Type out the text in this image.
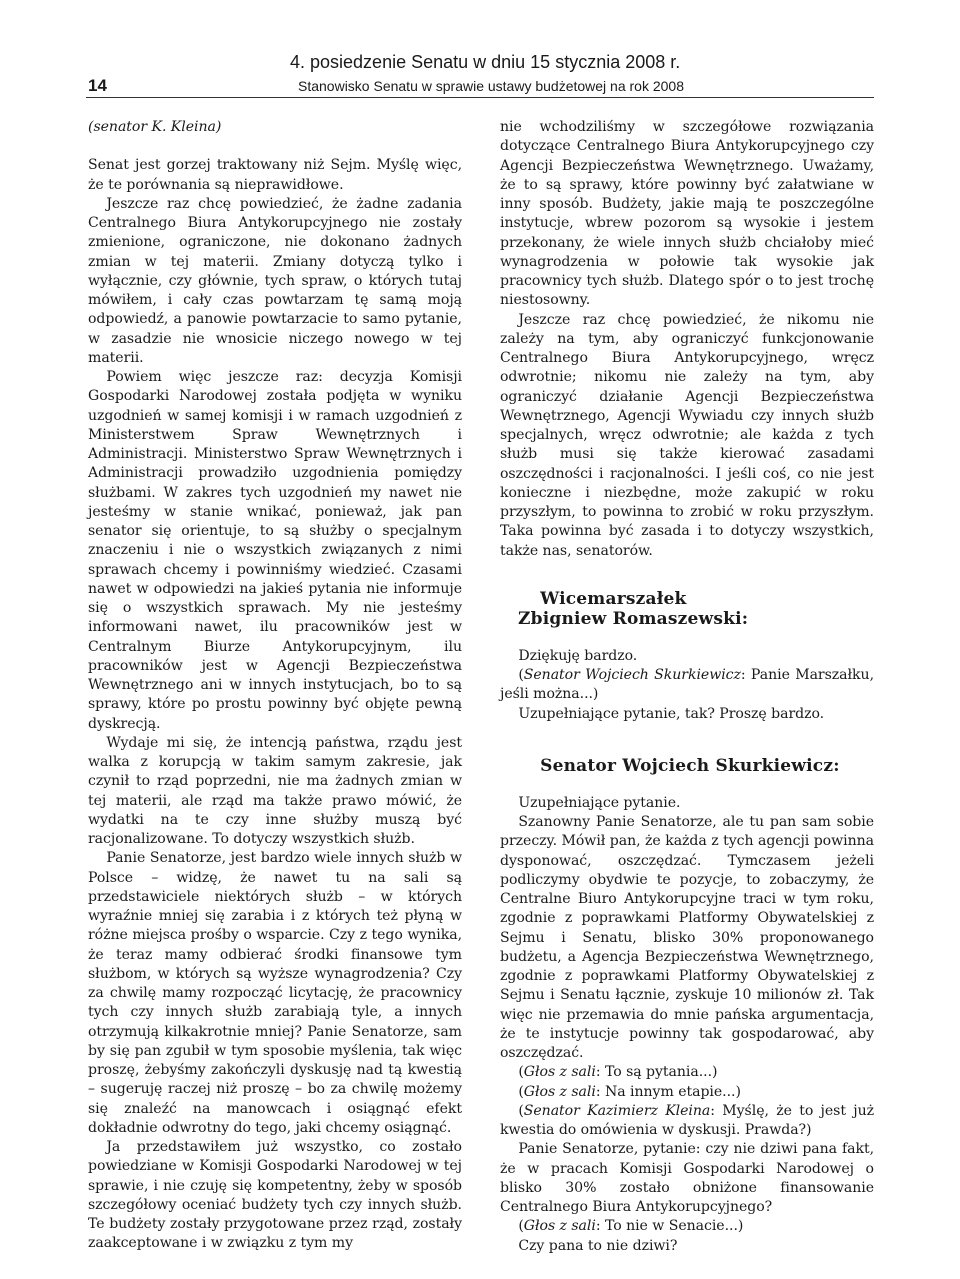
4. posiedzenie Senatu w dniu 15 stycznia 2008 r.
14	Stanowisko Senatu w sprawie ustawy budżetowej na rok 2008

(senator K. Kleina)

Senat jest gorzej traktowany niż Sejm. Myślę więc, że te porównania są nieprawidłowe.

Jeszcze raz chcę powiedzieć, że żadne zadania Centralnego Biura Antykorupcyjnego nie zostały zmienione, ograniczone, nie dokonano żadnych zmian w tej materii. Zmiany dotyczą tylko i wyłącznie, czy głównie, tych spraw, o których tutaj mówiłem, i cały czas powtarzam tę samą moją odpowiedź, a panowie powtarzacie to samo pytanie, w zasadzie nie wnosicie niczego nowego w tej materii.

Powiem więc jeszcze raz: decyzja Komisji Gospodarki Narodowej została podjęta w wyniku uzgodnień w samej komisji i w ramach uzgodnień z Ministerstwem Spraw Wewnętrznych i Administracji. Ministerstwo Spraw Wewnętrznych i Administracji prowadziło uzgodnienia pomiędzy służbami. W zakres tych uzgodnień my nawet nie jesteśmy w stanie wnikać, ponieważ, jak pan senator się orientuje, to są służby o specjalnym znaczeniu i nie o wszystkich związanych z nimi sprawach chcemy i powinniśmy wiedzieć. Czasami nawet w odpowiedzi na jakieś pytania nie informuje się o wszystkich sprawach. My nie jesteśmy informowani nawet, ilu pracowników jest w Centralnym Biurze Antykorupcyjnym, ilu pracowników jest w Agencji Bezpieczeństwa Wewnętrznego ani w innych instytucjach, bo to są sprawy, które po prostu powinny być objęte pewną dyskrecją.

Wydaje mi się, że intencją państwa, rządu jest walka z korupcją w takim samym zakresie, jak czynił to rząd poprzedni, nie ma żadnych zmian w tej materii, ale rząd ma także prawo mówić, że wydatki na te czy inne służby muszą być racjonalizowane. To dotyczy wszystkich służb.

Panie Senatorze, jest bardzo wiele innych służb w Polsce – widzę, że nawet tu na sali są przedstawiciele niektórych służb – w których wyraźnie mniej się zarabia i z których też płyną w różne miejsca prośby o wsparcie. Czy z tego wynika, że teraz mamy odbierać środki finansowe tym służbom, w których są wyższe wynagrodzenia? Czy za chwilę mamy rozpocząć licytację, że pracownicy tych czy innych służb zarabiają tyle, a innych otrzymują kilkakrotnie mniej? Panie Senatorze, sam by się pan zgubił w tym sposobie myślenia, tak więc proszę, żebyśmy zakończyli dyskusję nad tą kwestią – sugeruję raczej niż proszę – bo za chwilę możemy się znaleźć na manowcach i osiągnąć efekt dokładnie odwrotny do tego, jaki chcemy osiągnąć.

Ja przedstawiłem już wszystko, co zostało powiedziane w Komisji Gospodarki Narodowej w tej sprawie, i nie czuję się kompetentny, żeby w sposób szczegółowy oceniać budżety tych czy innych służb. Te budżety zostały przygotowane przez rząd, zostały zaakceptowane i w związku z tym my

nie wchodziliśmy w szczegółowe rozwiązania dotyczące Centralnego Biura Antykorupcyjnego czy Agencji Bezpieczeństwa Wewnętrznego. Uważamy, że to są sprawy, które powinny być załatwiane w inny sposób. Budżety, jakie mają te poszczególne instytucje, wbrew pozorom są wysokie i jestem przekonany, że wiele innych służb chciałoby mieć wynagrodzenia w połowie tak wysokie jak pracownicy tych służb. Dlatego spór o to jest trochę niestosowny.

Jeszcze raz chcę powiedzieć, że nikomu nie zależy na tym, aby ograniczyć funkcjonowanie Centralnego Biura Antykorupcyjnego, wręcz odwrotnie; nikomu nie zależy na tym, aby ograniczyć działanie Agencji Bezpieczeństwa Wewnętrznego, Agencji Wywiadu czy innych służb specjalnych, wręcz odwrotnie; ale każda z tych służb musi się także kierować zasadami oszczędności i racjonalności. I jeśli coś, co nie jest konieczne i niezbędne, może zakupić w roku przyszłym, to powinna to zrobić w roku przyszłym. Taka powinna być zasada i to dotyczy wszystkich, także nas, senatorów.

Wicemarszałek
Zbigniew Romaszewski:

Dziękuję bardzo.

(Senator Wojciech Skurkiewicz: Panie Marszałku, jeśli można...)

Uzupełniające pytanie, tak? Proszę bardzo.

Senator Wojciech Skurkiewicz:

Uzupełniające pytanie.

Szanowny Panie Senatorze, ale tu pan sam sobie przeczy. Mówił pan, że każda z tych agencji powinna dysponować, oszczędzać. Tymczasem jeżeli podliczymy obydwie te pozycje, to zobaczymy, że Centralne Biuro Antykorupcyjne traci w tym roku, zgodnie z poprawkami Platformy Obywatelskiej z Sejmu i Senatu, blisko 30% proponowanego budżetu, a Agencja Bezpieczeństwa Wewnętrznego, zgodnie z poprawkami Platformy Obywatelskiej z Sejmu i Senatu łącznie, zyskuje 10 milionów zł. Tak więc nie przemawia do mnie pańska argumentacja, że te instytucje powinny tak gospodarować, aby oszczędzać.

(Głos z sali: To są pytania...)

(Głos z sali: Na innym etapie...)

(Senator Kazimierz Kleina: Myślę, że to jest już kwestia do omówienia w dyskusji. Prawda?)

Panie Senatorze, pytanie: czy nie dziwi pana fakt, że w pracach Komisji Gospodarki Narodowej o blisko 30% zostało obniżone finansowanie Centralnego Biura Antykorupcyjnego?

(Głos z sali: To nie w Senacie...)

Czy pana to nie dziwi?
